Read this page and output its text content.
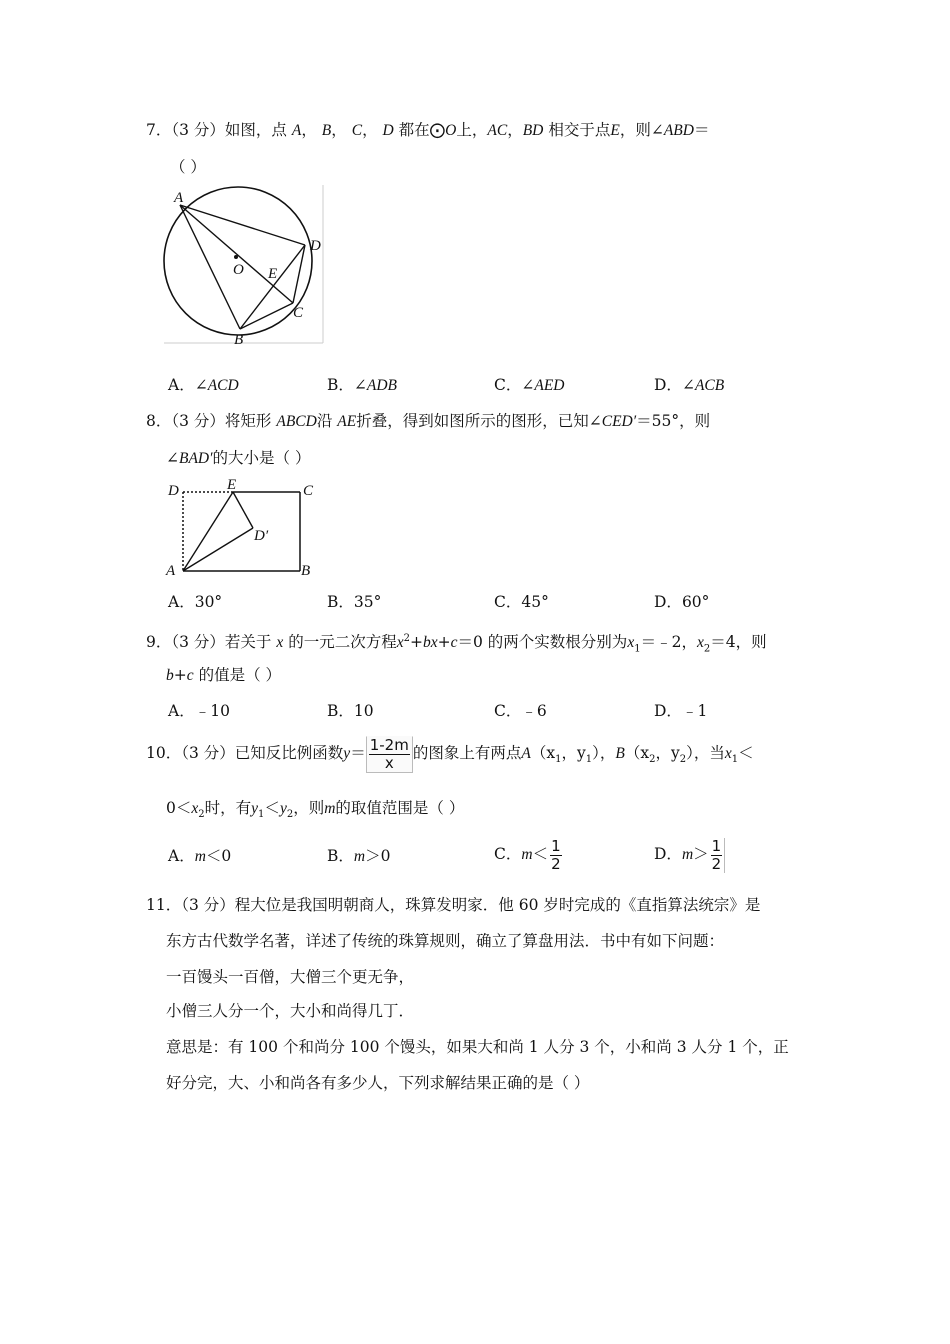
7．（3 分）如图，点 A， B， C， D 都在⨀O上，AC，BD 相交于点E，则∠ABD＝
（ ）
A
D
O E
C
B
A．∠ACD	B．∠ADB	C．∠AED	D．∠ACB
8．（3 分）将矩形 ABCD沿 AE折叠，得到如图所示的图形，已知∠CED′＝55°，则
∠BAD′的大小是（ ）
D	E	C
D′
A	B
A．30°	B．35°	C．45°	D．60°
9．（3 分）若关于 x 的一元二次方程$x^2+bx+c=0$ 的两个实数根分别为$x_1=﹣2$，$x_2=4$，则
b+c 的值是（ ）
A．﹣10	B．10	C．﹣6	D．﹣1
10．（3 分）已知反比例函数$y= \frac{1-2m}{x}$ 的图象上有两点$A(x_1$，$y_1$），$B(x_2$，$y_2$），当$x_1<$
$0<x_2$时，有$y_1<y_2$，则m的取值范围是（ ）
A．m＜0	B．m＞0	C．$m< \frac{1}{2}$	D．$m> \frac{1}{2}$
11．（3 分）程大位是我国明朝商人，珠算发明家．他 60 岁时完成的《直指算法统宗》是
东方古代数学名著，详述了传统的珠算规则，确立了算盘用法．书中有如下问题：
一百馒头一百僧，大僧三个更无争，
小僧三人分一个，大小和尚得几丁．
意思是：有 100 个和尚分 100 个馒头，如果大和尚 1 人分 3 个，小和尚 3 人分 1 个，正
好分完，大、小和尚各有多少人，下列求解结果正确的是（ ）
